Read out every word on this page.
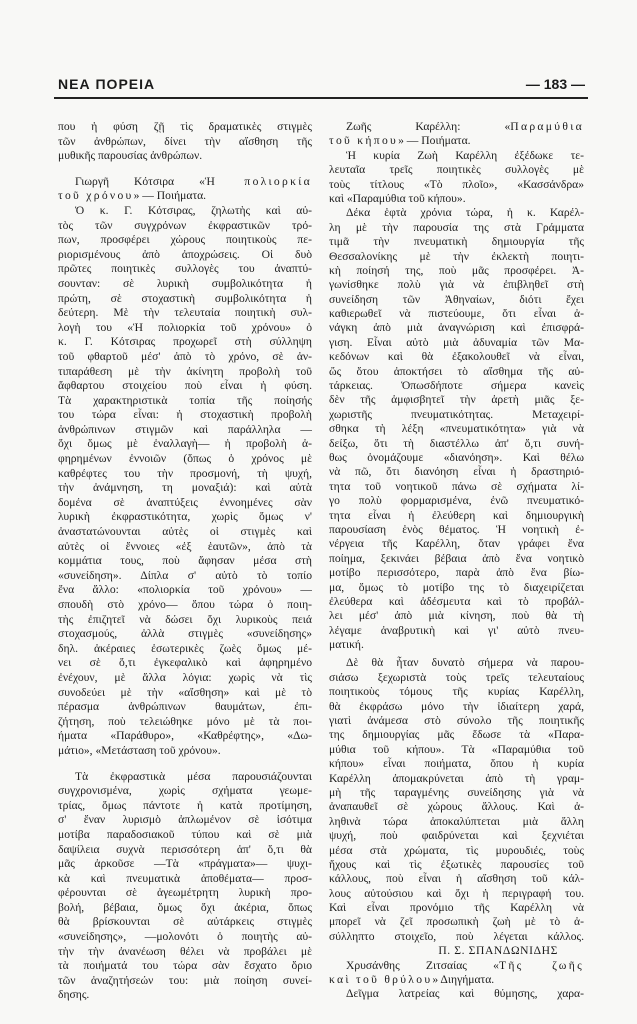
ΝΕΑ ΠΟΡΕΙΑ	— 183 —
που ἡ φύση ζῇ τὶς δραματικὲς στιγμὲς
τῶν ἀνθρώπων, δίνει τὴν αἴσθηση τῆς
μυθικῆς παρουσίας ἀνθρώπων.
Γιωργῆ Κότσιρα «Ἡ πολιορκία
τοῦ χρόνου» — Ποιήματα.
Ὁ κ. Γ. Κότσιρας, ζηλωτὴς καὶ αὐ-
τὸς τῶν συγχρόνων ἐκφραστικῶν τρό-
πων, προσφέρει χώρους ποιητικοὺς πε-
ριορισμένους ἀπὸ ἀποχρώσεις. Οἱ δυὸ
πρῶτες ποιητικὲς συλλογὲς του ἀναπτύ-
σουνταν: σὲ λυρικὴ συμβολικότητα ἡ
πρώτη, σὲ στοχαστικὴ συμβολικότητα ἡ
δεύτερη. Μὲ τὴν τελευταία ποιητικὴ συλ-
λογὴ του «Ἡ πολιορκία τοῦ χρόνου» ὁ
κ. Γ. Κότσιρας προχωρεῖ στὴ σύλληψη
τοῦ φθαρτοῦ μέσ' ἀπὸ τὸ χρόνο, σὲ ἀν-
τιπαράθεση μὲ τὴν ἀκίνητη προβολὴ τοῦ
ἄφθαρτου στοιχείου ποὺ εἶναι ἡ φύση.
Τὰ χαρακτηριστικὰ τοπία τῆς ποίησής
του τώρα εἶναι: ἡ στοχαστικὴ προβολὴ
ἀνθρώπινων στιγμῶν καὶ παράλληλα —
ὄχι ὅμως μὲ ἐναλλαγὴ— ἡ προβολὴ ἀ-
φηρημένων ἐννοιῶν (ὅπως ὁ χρόνος μὲ
καθρέφτες του τὴν προσμονή, τὴ ψυχή,
τὴν ἀνάμνηση, τη μοναξιά): καὶ αὐτὰ
δομένα σὲ ἀναπτύξεις ἐννοημένες σὰν
λυρικὴ ἐκφραστικότητα, χωρὶς ὅμως ν'
ἀναστατώνουνται αὐτὲς οἱ στιγμὲς καὶ
αὐτὲς οἱ ἔννοιες «ἐξ ἑαυτῶν», ἀπὸ τὰ
κομμάτια τους, ποὺ ἄφησαν μέσα στὴ
«συνείδηση». Δίπλα σ' αὐτὸ τὸ τοπίο
ἕνα ἄλλο: «πολιορκία τοῦ χρόνου» —
σπουδὴ στὸ χρόνο— ὅπου τώρα ὁ ποιη-
τὴς ἐπιζητεῖ νὰ δώσει ὄχι λυρικοὺς πειά
στοχασμούς, ἀλλὰ στιγμὲς «συνείδησης»
δηλ. ἀκέραιες ἐσωτερικὲς ζωὲς ὅμως μέ-
νει σὲ ὅ,τι ἐγκεφαλικὸ καὶ ἀφηρημένο
ἐνέχουν, μὲ ἄλλα λόγια: χωρὶς νὰ τὶς
συνοδεύει μὲ τὴν «αἴσθηση» καὶ μὲ τὸ
πέρασμα ἀνθρώπινων θαυμάτων, ἐπι-
ζήτηση, ποὺ τελειώθηκε μόνο μὲ τὰ ποι-
ήματα «Παράθυρο», «Καθρέφτης», «Δω-
μάτιο», «Μετάσταση τοῦ χρόνου».
Τὰ ἐκφραστικὰ μέσα παρουσιάζουνται
συγχρονισμένα, χωρὶς σχήματα γεωμε-
τρίας, ὅμως πάντοτε ἡ κατὰ προτίμηση,
σ' ἕναν λυρισμὸ ἁπλωμένον σὲ ἰσότιμα
μοτίβα παραδοσιακοῦ τύπου καὶ σὲ μιὰ
δαψίλεια συχνὰ περισσότερη ἀπ' ὅ,τι θὰ
μᾶς ἀρκοῦσε —Τὰ «πράγματα»— ψυχι-
κὰ καὶ πνευματικὰ ἀποθέματα— προσ-
φέρουνται σὲ ἀγεωμέτρητη λυρικὴ προ-
βολή, βέβαια, ὅμως ὄχι ἀκέρια, ὅπως
θὰ βρίσκουνται σὲ αὐτάρκεις στιγμὲς
«συνείδησης», —μολονότι ὁ ποιητὴς αὐ-
τὴν τὴν ἀνανέωση θέλει νὰ προβάλει μὲ
τὰ ποιήματά του τώρα σὰν ἔσχατο ὅριο
τῶν ἀναζητήσεών του: μιὰ ποίηση συνεί-
δησης.
Ζωῆς Καρέλλη: «Παραμύθια
τοῦ κήπου» — Ποιήματα.
Ἡ κυρία Ζωὴ Καρέλλη ἐξέδωκε τε-
λευταῖα τρεῖς ποιητικὲς συλλογὲς μὲ
τοὺς τίτλους «Τὸ πλοῖο», «Κασσάνδρα»
καὶ «Παραμύθια τοῦ κήπου».
Δέκα ἑφτὰ χρόνια τώρα, ἡ κ. Καρέλ-
λη μὲ τὴν παρουσία της στὰ Γράμματα
τιμᾶ τὴν πνευματικὴ δημιουργία τῆς
Θεσσαλονίκης μὲ τὴν ἐκλεκτὴ ποιητι-
κὴ ποίησή της, ποὺ μᾶς προσφέρει. Ἀ-
γωνίσθηκε πολὺ γιὰ νὰ ἐπιβληθεῖ στὴ
συνείδηση τῶν Ἀθηναίων, διότι ἔχει
καθιερωθεῖ νὰ πιστεύουμε, ὅτι εἶναι ἀ-
νάγκη ἀπὸ μιὰ ἀναγνώριση καὶ ἐπισφρά-
γιση. Εἶναι αὐτὸ μιὰ ἀδυναμία τῶν Μα-
κεδόνων καὶ θὰ ἐξακολουθεῖ νὰ εἶναι,
ὥς ὅτου ἀποκτήσει τὸ αἴσθημα τῆς αὐ-
τάρκειας. Ὁπωσδήποτε σήμερα κανεὶς
δὲν τῆς ἀμφισβητεῖ τὴν ἀρετὴ μιᾶς ξε-
χωριστῆς πνευματικότητας. Μεταχειρί-
σθηκα τὴ λέξη «πνευματικότητα» γιὰ νὰ
δείξω, ὅτι τὴ διαστέλλω ἀπ' ὅ,τι συνή-
θως ὀνομάζουμε «διανόηση». Καὶ θέλω
νὰ πῶ, ὅτι διανόηση εἶναι ἡ δραστηριό-
τητα τοῦ νοητικοῦ πάνω σὲ σχήματα λί-
γο πολὺ φορμαρισμένα, ἐνῶ πνευματικό-
τητα εἶναι ἡ ἐλεύθερη καὶ δημιουργικὴ
παρουσίαση ἑνὸς θέματος. Ἡ νοητικὴ ἐ-
νέργεια τῆς Καρέλλη, ὅταν γράφει ἕνα
ποίημα, ξεκινάει βέβαια ἀπὸ ἕνα νοητικὸ
μοτίβο περισσότερο, παρὰ ἀπὸ ἕνα βίω-
μα, ὅμως τὸ μοτίβο της τὸ διαχειρίζεται
ἐλεύθερα καὶ ἀδέσμευτα καὶ τὸ προβάλ-
λει μέσ' ἀπὸ μιὰ κίνηση, ποὺ θὰ τὴ
λέγαμε ἀναβρυτικὴ καὶ γι' αὐτὸ πνευ-
ματική.
Δὲ θὰ ἦταν δυνατὸ σήμερα νὰ παρου-
σιάσω ξεχωριστὰ τοὺς τρεῖς τελευταίους
ποιητικοὺς τόμους τῆς κυρίας Καρέλλη,
θὰ ἐκφράσω μόνο τὴν ἰδιαίτερη χαρά,
γιατὶ ἀνάμεσα στὸ σύνολο τῆς ποιητικῆς
της δημιουργίας μᾶς ἔδωσε τὰ «Παρα-
μύθια τοῦ κήπου». Τὰ «Παραμύθια τοῦ
κήπου» εἶναι ποιήματα, ὅπου ἡ κυρία
Καρέλλη ἀπομακρύνεται ἀπὸ τὴ γραμ-
μὴ τῆς ταραγμένης συνείδησης γιὰ νὰ
ἀναπαυθεῖ σὲ χώρους ἄλλους. Καὶ ἀ-
ληθινὰ τώρα ἀποκαλύπτεται μιὰ ἄλλη
ψυχή, ποὺ φαιδρύνεται καὶ ξεχνιέται
μέσα στὰ χρώματα, τὶς μυρουδιές, τοὺς
ἤχους καὶ τὶς ἐξωτικὲς παρουσίες τοῦ
κάλλους, ποὺ εἶναι ἡ αἴσθηση τοῦ κάλ-
λους αὐτούσιου καὶ ὄχι ἡ περιγραφή του.
Καὶ εἶναι προνόμιο τῆς Καρέλλη νὰ
μπορεῖ νὰ ζεῖ προσωπικὴ ζωὴ μὲ τὸ ἀ-
σύλληπτο στοιχεῖο, ποὺ λέγεται κάλλος.
Π. Σ. ΣΠΑΝΔΩΝΙΔΗΣ
Χρυσάνθης Ζιτσαίας «Τῆς ζωῆς
καὶ τοῦ θρύλου» Διηγήματα.
Δεῖγμα λατρείας καὶ θύμησης, χαρα-
